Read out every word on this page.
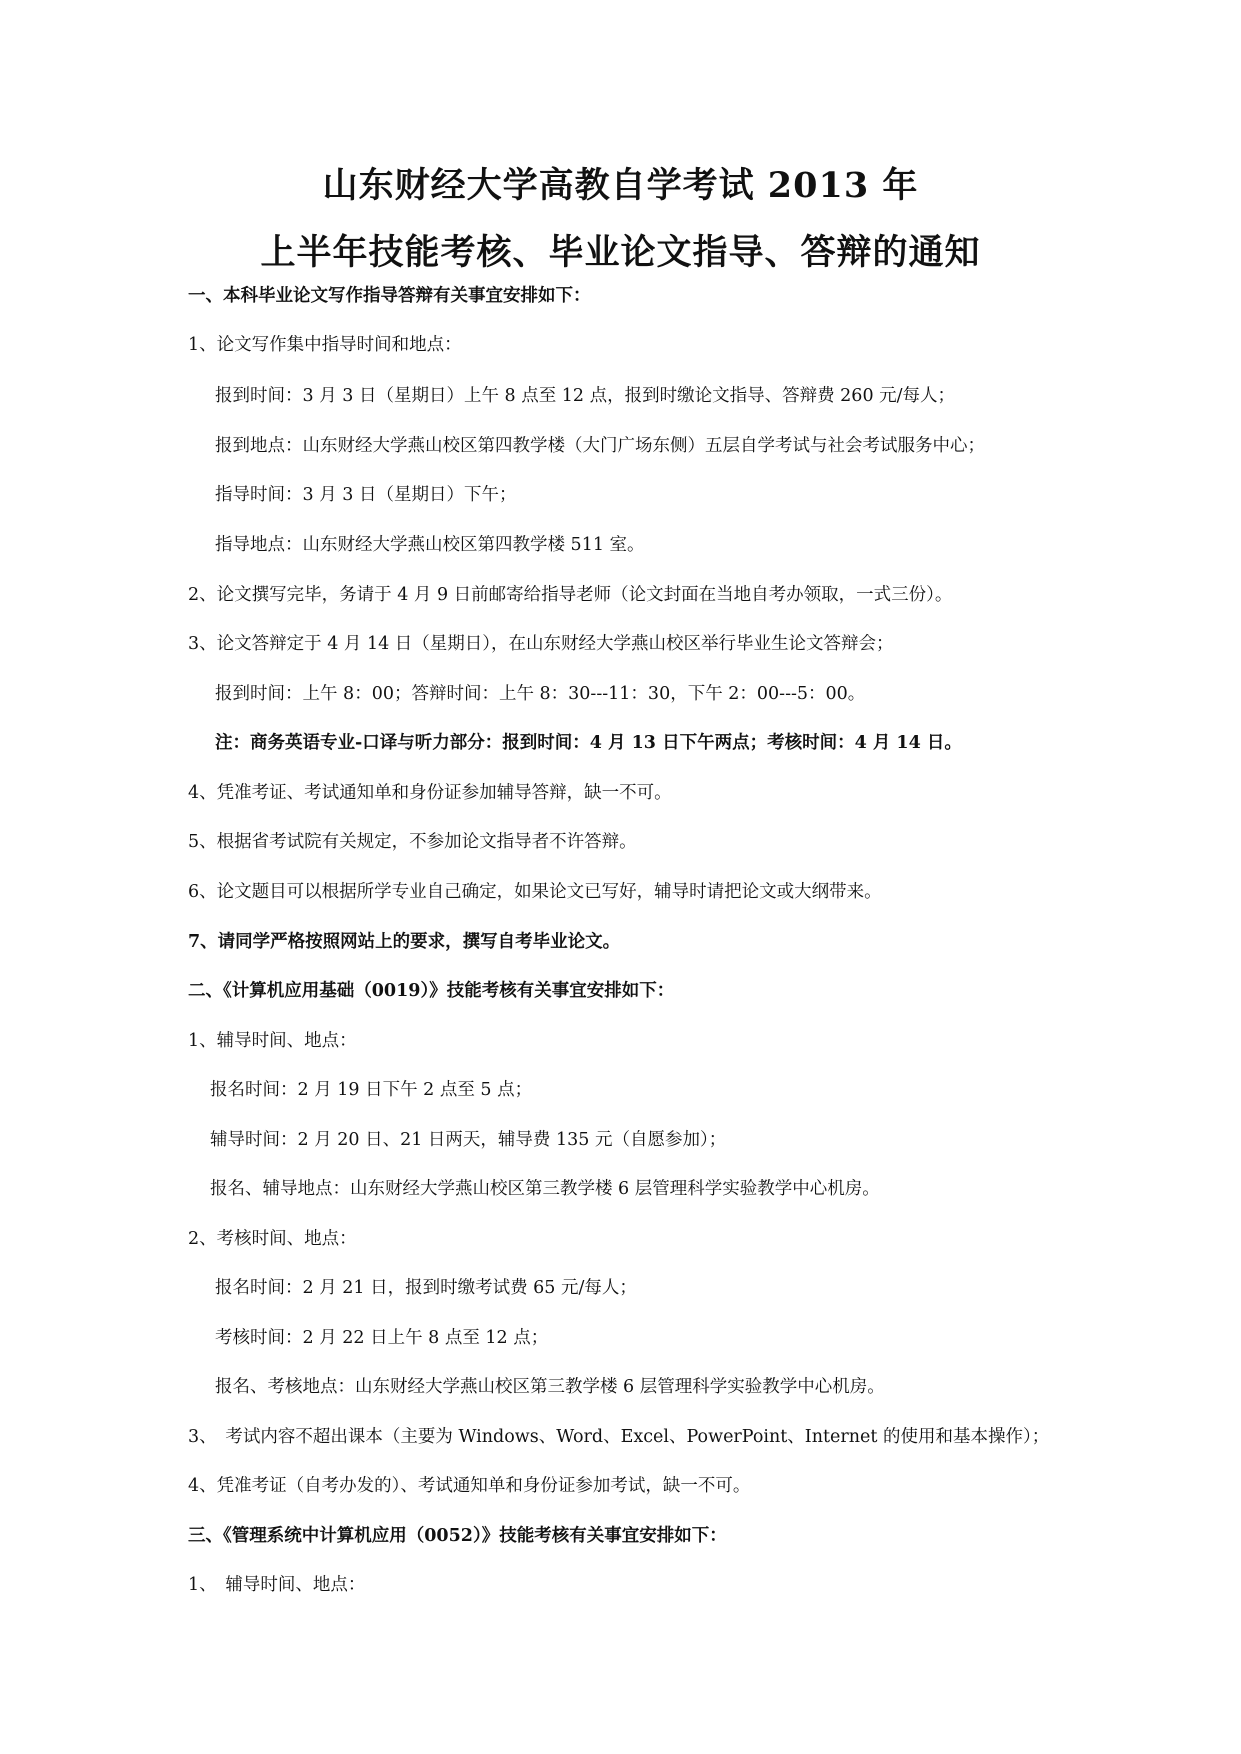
山东财经大学高教自学考试 2013 年
上半年技能考核、毕业论文指导、答辩的通知

一、本科毕业论文写作指导答辩有关事宜安排如下：

1、论文写作集中指导时间和地点：

报到时间：3 月 3 日（星期日）上午 8 点至 12 点，报到时缴论文指导、答辩费 260 元/每人；

报到地点：山东财经大学燕山校区第四教学楼（大门广场东侧）五层自学考试与社会考试服务中心；

指导时间：3 月 3 日（星期日）下午；

指导地点：山东财经大学燕山校区第四教学楼 511 室。

2、论文撰写完毕，务请于 4 月 9 日前邮寄给指导老师（论文封面在当地自考办领取，一式三份）。

3、论文答辩定于 4 月 14 日（星期日），在山东财经大学燕山校区举行毕业生论文答辩会；

报到时间：上午 8：00；答辩时间：上午 8：30---11：30，下午 2：00---5：00。

注：商务英语专业-口译与听力部分：报到时间：4 月 13 日下午两点；考核时间：4 月 14 日。

4、凭准考证、考试通知单和身份证参加辅导答辩，缺一不可。

5、根据省考试院有关规定，不参加论文指导者不许答辩。

6、论文题目可以根据所学专业自己确定，如果论文已写好，辅导时请把论文或大纲带来。

7、请同学严格按照网站上的要求，撰写自考毕业论文。

二、《计算机应用基础（0019）》技能考核有关事宜安排如下：

1、辅导时间、地点：

报名时间：2 月 19 日下午 2 点至 5 点；

辅导时间：2 月 20 日、21 日两天，辅导费 135 元（自愿参加）；

报名、辅导地点：山东财经大学燕山校区第三教学楼 6 层管理科学实验教学中心机房。

2、考核时间、地点：

报名时间：2 月 21 日，报到时缴考试费 65 元/每人；

考核时间：2 月 22 日上午 8 点至 12 点；

报名、考核地点：山东财经大学燕山校区第三教学楼 6 层管理科学实验教学中心机房。

3、　考试内容不超出课本（主要为 Windows、Word、Excel、PowerPoint、Internet 的使用和基本操作）；

4、凭准考证（自考办发的）、考试通知单和身份证参加考试，缺一不可。

三、《管理系统中计算机应用（0052）》技能考核有关事宜安排如下：

1、　辅导时间、地点：
